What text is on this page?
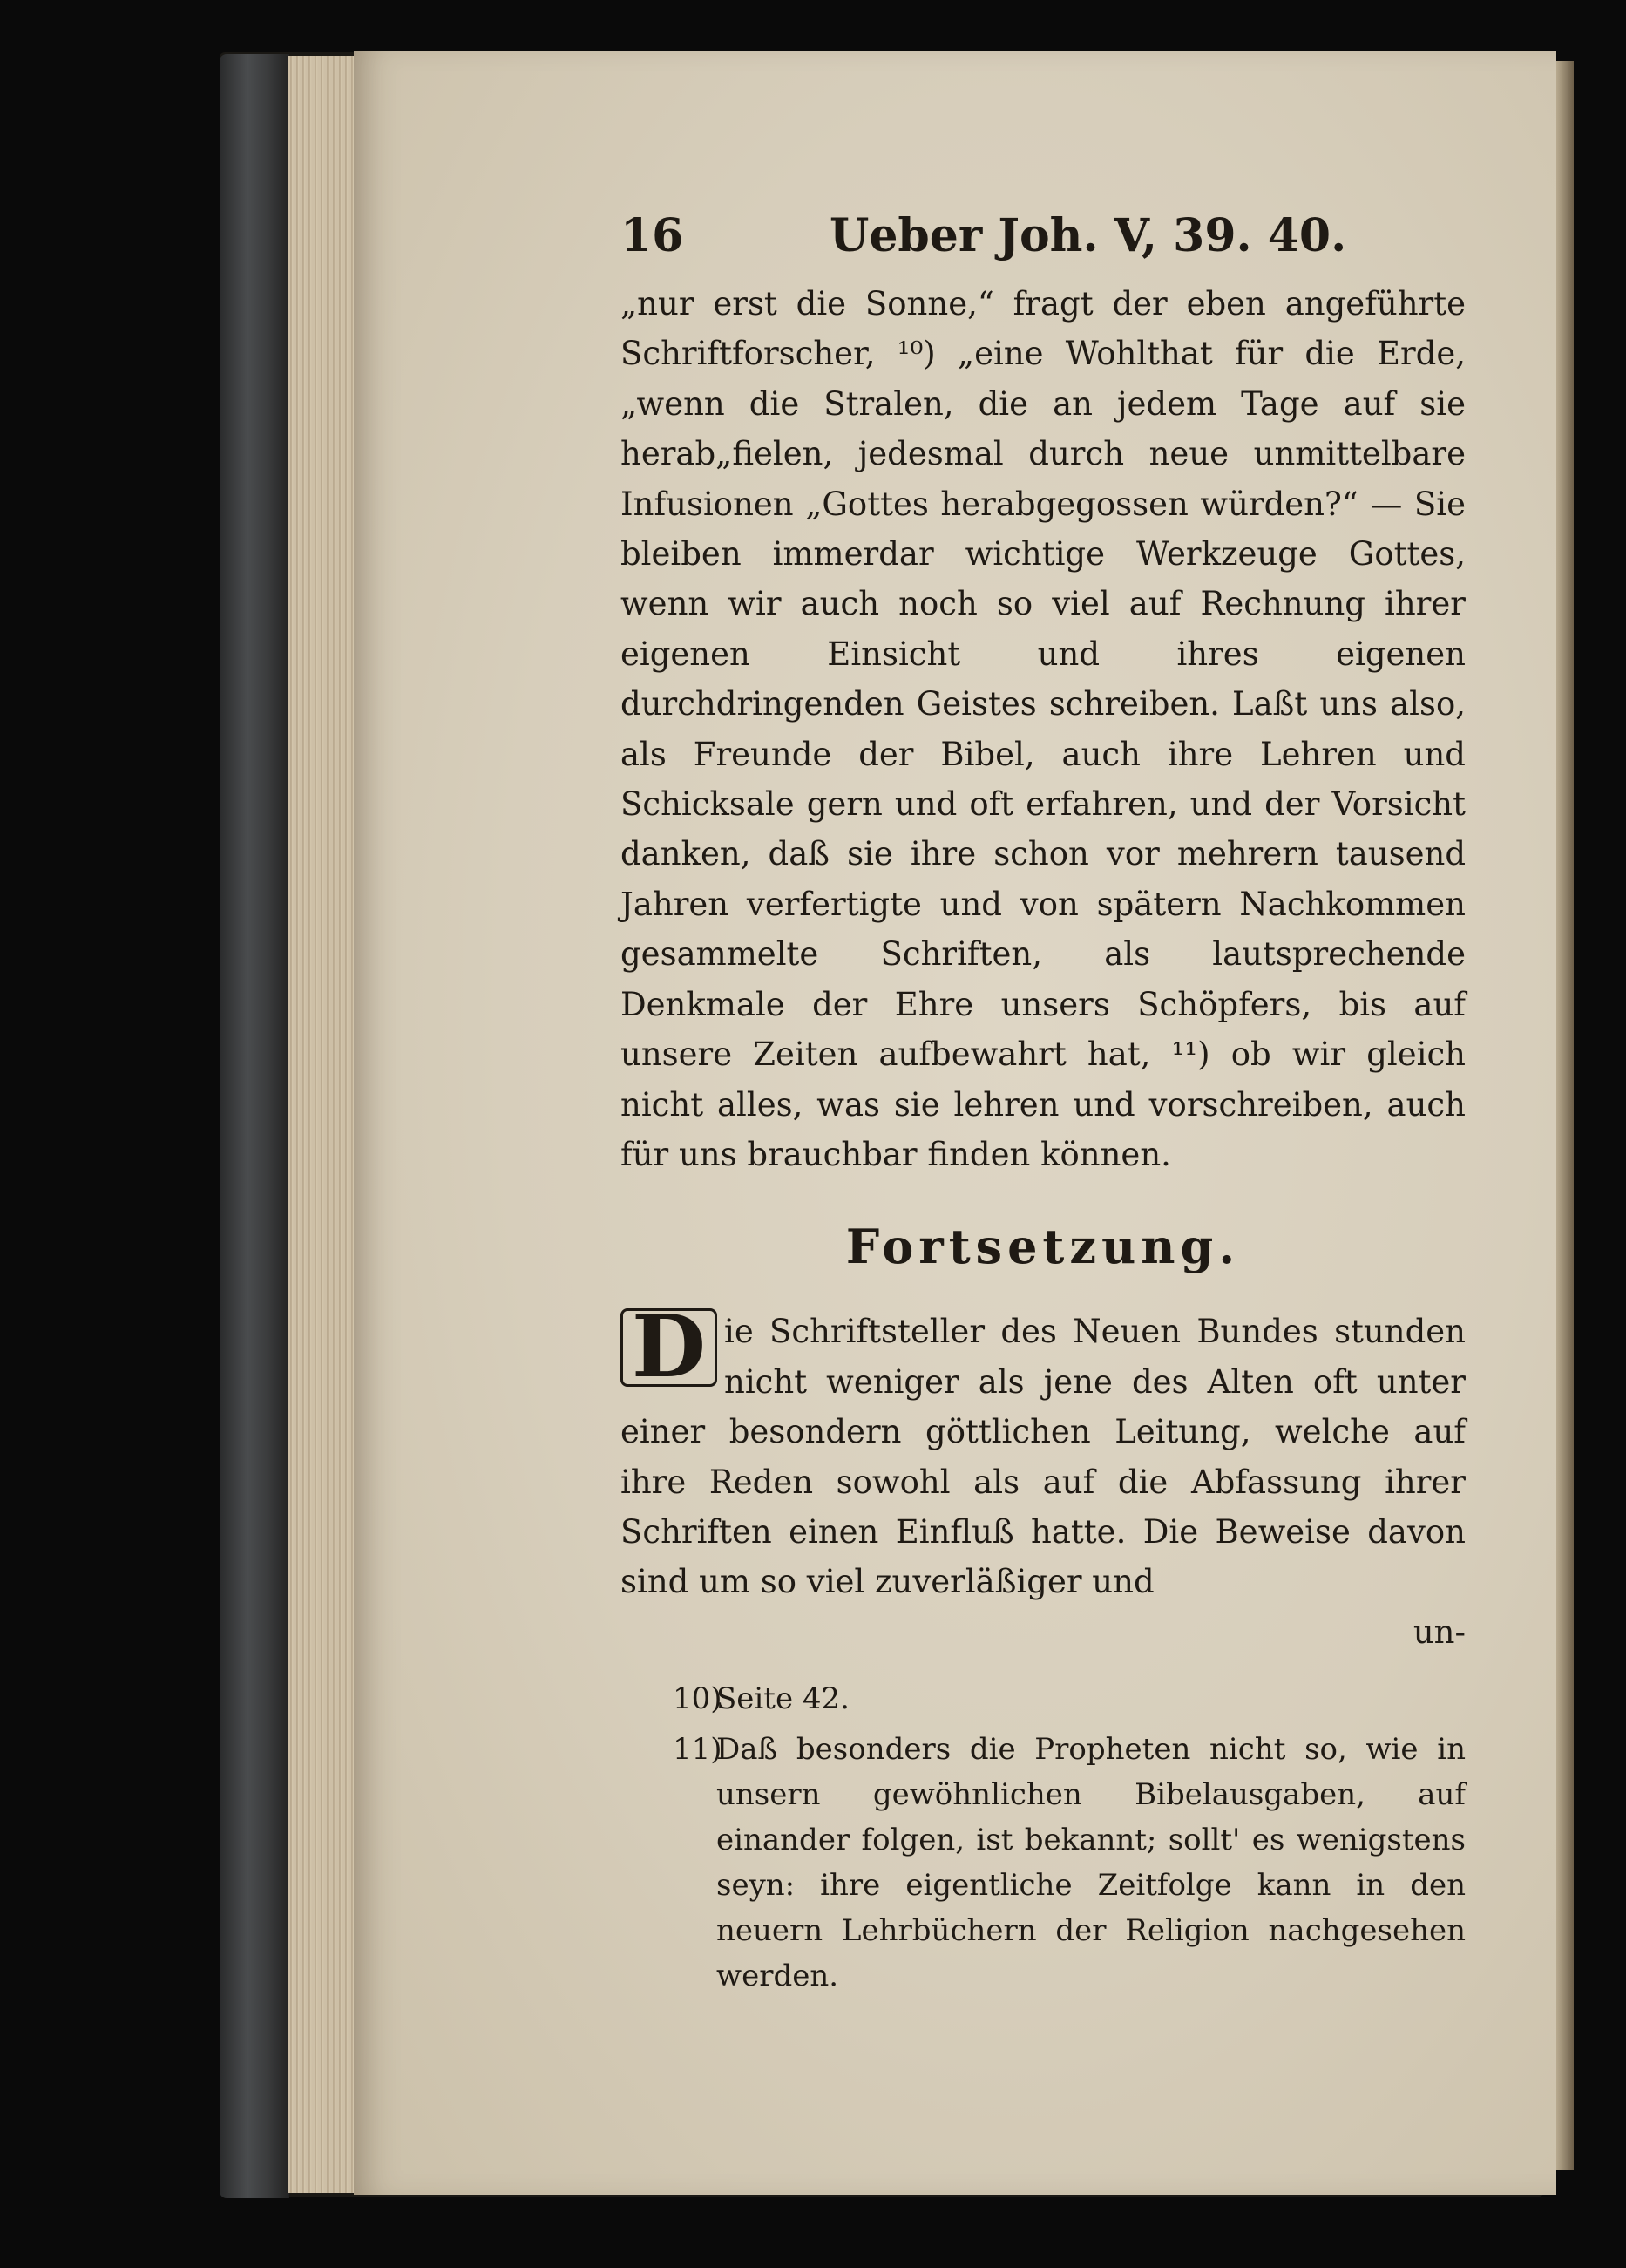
16	Ueber Joh. V, 39. 40.

„nur erst die Sonne,“ fragt der eben angeführte Schriftforscher, ¹⁰) „eine Wohlthat für die Erde, „wenn die Stralen, die an jedem Tage auf sie herab„fielen, jedesmal durch neue unmittelbare Infusionen „Gottes herabgegossen würden?“ — Sie bleiben immerdar wichtige Werkzeuge Gottes, wenn wir auch noch so viel auf Rechnung ihrer eigenen Einsicht und ihres eigenen durchdringenden Geistes schreiben. Laßt uns also, als Freunde der Bibel, auch ihre Lehren und Schicksale gern und oft erfahren, und der Vorsicht danken, daß sie ihre schon vor mehrern tausend Jahren verfertigte und von spätern Nachkommen gesammelte Schriften, als lautsprechende Denkmale der Ehre unsers Schöpfers, bis auf unsere Zeiten aufbewahrt hat, ¹¹) ob wir gleich nicht alles, was sie lehren und vorschreiben, auch für uns brauchbar finden können.

Fortsetzung.

D ie Schriftsteller des Neuen Bundes stunden nicht weniger als jene des Alten oft unter einer besondern göttlichen Leitung, welche auf ihre Reden sowohl als auf die Abfassung ihrer Schriften einen Einfluß hatte. Die Beweise davon sind um so viel zuverläßiger und

un-

10)
Seite 42.

11)
Daß besonders die Propheten nicht so, wie in unsern gewöhnlichen Bibelausgaben, auf einander folgen, ist bekannt; sollt' es wenigstens seyn: ihre eigentliche Zeitfolge kann in den neuern Lehrbüchern der Religion nachgesehen werden.
